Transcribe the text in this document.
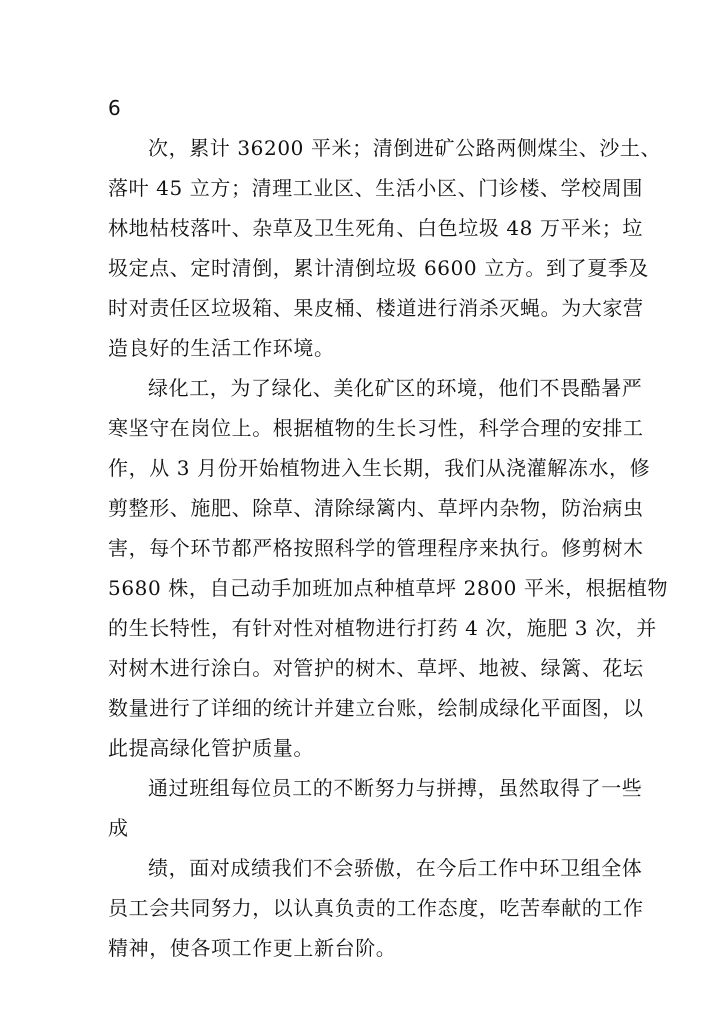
6
次，累计 36200 平米；清倒进矿公路两侧煤尘、沙土、
落叶 45 立方；清理工业区、生活小区、门诊楼、学校周围
林地枯枝落叶、杂草及卫生死角、白色垃圾 48 万平米；垃
圾定点、定时清倒，累计清倒垃圾 6600 立方。到了夏季及
时对责任区垃圾箱、果皮桶、楼道进行消杀灭蝇。为大家营
造良好的生活工作环境。
绿化工，为了绿化、美化矿区的环境，他们不畏酷暑严
寒坚守在岗位上。根据植物的生长习性，科学合理的安排工
作，从 3 月份开始植物进入生长期，我们从浇灌解冻水，修
剪整形、施肥、除草、清除绿篱内、草坪内杂物，防治病虫
害，每个环节都严格按照科学的管理程序来执行。修剪树木
5680 株，自己动手加班加点种植草坪 2800 平米，根据植物
的生长特性，有针对性对植物进行打药 4 次，施肥 3 次，并
对树木进行涂白。对管护的树木、草坪、地被、绿篱、花坛
数量进行了详细的统计并建立台账，绘制成绿化平面图，以
此提高绿化管护质量。
通过班组每位员工的不断努力与拼搏，虽然取得了一些
成
绩，面对成绩我们不会骄傲，在今后工作中环卫组全体
员工会共同努力，以认真负责的工作态度，吃苦奉献的工作
精神，使各项工作更上新台阶。
